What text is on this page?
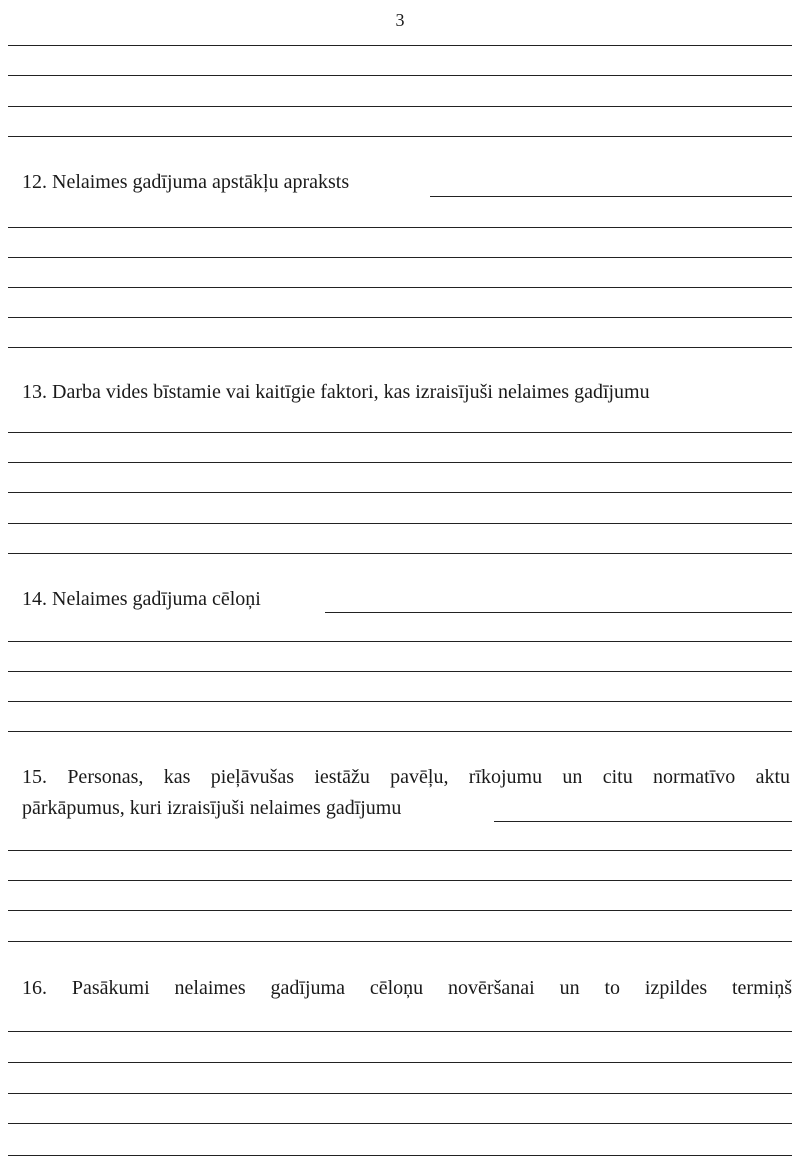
3
12. Nelaimes gadījuma apstākļu apraksts
13. Darba vides bīstamie vai kaitīgie faktori, kas izraisījuši nelaimes gadījumu
14. Nelaimes gadījuma cēloņi
15. Personas, kas pieļāvušas iestāžu pavēļu, rīkojumu un citu normatīvo aktu
pārkāpumus, kuri izraisījuši nelaimes gadījumu
16. Pasākumi nelaimes gadījuma cēloņu novēršanai un to izpildes termiņš
